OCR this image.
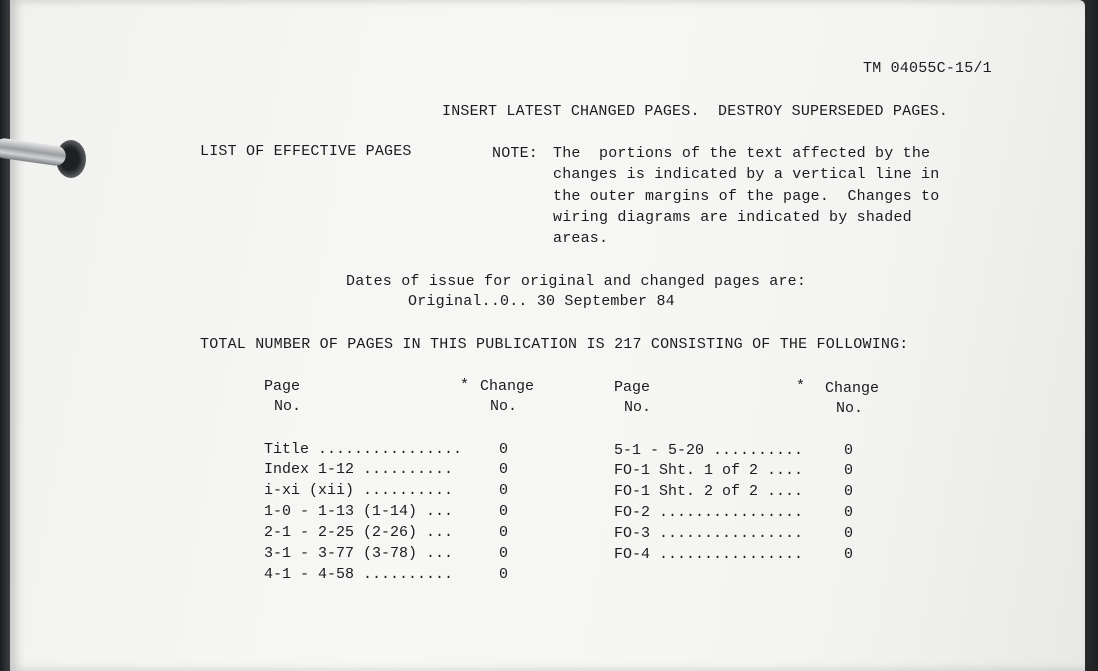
TM 04055C-15/1
INSERT LATEST CHANGED PAGES.  DESTROY SUPERSEDED PAGES.
LIST OF EFFECTIVE PAGES	NOTE: The  portions of the text affected by the
changes is indicated by a vertical line in
the outer margins of the page.  Changes to
wiring diagrams are indicated by shaded
areas.
Dates of issue for original and changed pages are:
Original..0.. 30 September 84
TOTAL NUMBER OF PAGES IN THIS PUBLICATION IS 217 CONSISTING OF THE FOLLOWING:
Page
No.
* Change
No.
Page
No.
* Change
No.
Title ................ 0
Index 1-12 ..........	0
i-xi (xii) ..........	0
1-0 - 1-13 (1-14) ...	0
2-1 - 2-25 (2-26) ...	0
3-1 - 3-77 (3-78) ...	0
4-1 - 4-58 ..........	0
5-1 - 5-20 ..........	0
FO-1 Sht. 1 of 2 ....	0
FO-1 Sht. 2 of 2 ....	0
FO-2 ................	0
FO-3 ................	0
FO-4 ................	0
